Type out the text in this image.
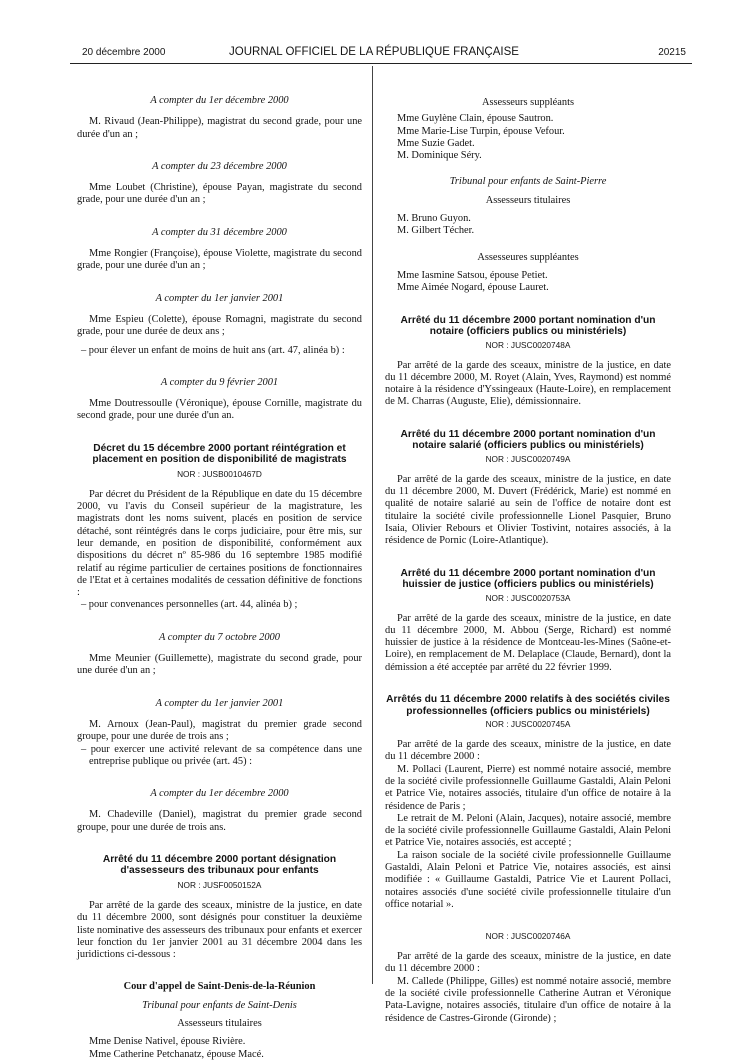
20 décembre 2000	JOURNAL OFFICIEL DE LA RÉPUBLIQUE FRANÇAISE	20215

A compter du 1er décembre 2000

M. Rivaud (Jean-Philippe), magistrat du second grade, pour une durée d'un an ;

A compter du 23 décembre 2000

Mme Loubet (Christine), épouse Payan, magistrate du second grade, pour une durée d'un an ;

A compter du 31 décembre 2000

Mme Rongier (Françoise), épouse Violette, magistrate du second grade, pour une durée d'un an ;

A compter du 1er janvier 2001

Mme Espieu (Colette), épouse Romagni, magistrate du second grade, pour une durée de deux ans ;

– pour élever un enfant de moins de huit ans (art. 47, alinéa b) :

A compter du 9 février 2001

Mme Doutressoulle (Véronique), épouse Cornille, magistrate du second grade, pour une durée d'un an.

Décret du 15 décembre 2000 portant réintégration et placement en position de disponibilité de magistrats

NOR : JUSB0010467D

Par décret du Président de la République en date du 15 décembre 2000, vu l'avis du Conseil supérieur de la magistrature, les magistrats dont les noms suivent, placés en position de service détaché, sont réintégrés dans le corps judiciaire, pour être mis, sur leur demande, en position de disponibilité, conformément aux dispositions du décret nº 85-986 du 16 septembre 1985 modifié relatif au régime particulier de certaines positions de fonctionnaires de l'Etat et à certaines modalités de cessation définitive de fonctions :

– pour convenances personnelles (art. 44, alinéa b) ;

A compter du 7 octobre 2000

Mme Meunier (Guillemette), magistrate du second grade, pour une durée d'un an ;

A compter du 1er janvier 2001

M. Arnoux (Jean-Paul), magistrat du premier grade second groupe, pour une durée de trois ans ;

– pour exercer une activité relevant de sa compétence dans une entreprise publique ou privée (art. 45) :

A compter du 1er décembre 2000

M. Chadeville (Daniel), magistrat du premier grade second groupe, pour une durée de trois ans.

Arrêté du 11 décembre 2000 portant désignation d'assesseurs des tribunaux pour enfants

NOR : JUSF0050152A

Par arrêté de la garde des sceaux, ministre de la justice, en date du 11 décembre 2000, sont désignés pour constituer la deuxième liste nominative des assesseurs des tribunaux pour enfants et exercer leur fonction du 1er janvier 2001 au 31 décembre 2004 dans les juridictions ci-dessous :

Cour d'appel de Saint-Denis-de-la-Réunion

Tribunal pour enfants de Saint-Denis

Assesseurs titulaires

Mme Denise Nativel, épouse Rivière.

Mme Catherine Petchanatz, épouse Macé.

Assesseurs suppléants

Mme Guylène Clain, épouse Sautron.

Mme Marie-Lise Turpin, épouse Vefour.

Mme Suzie Gadet.

M. Dominique Séry.

Tribunal pour enfants de Saint-Pierre

Assesseurs titulaires

M. Bruno Guyon.

M. Gilbert Técher.

Assesseures suppléantes

Mme Iasmine Satsou, épouse Petiet.

Mme Aimée Nogard, épouse Lauret.

Arrêté du 11 décembre 2000 portant nomination d'un notaire (officiers publics ou ministériels)

NOR : JUSC0020748A

Par arrêté de la garde des sceaux, ministre de la justice, en date du 11 décembre 2000, M. Royet (Alain, Yves, Raymond) est nommé notaire à la résidence d'Yssingeaux (Haute-Loire), en remplacement de M. Charras (Auguste, Elie), démissionnaire.

Arrêté du 11 décembre 2000 portant nomination d'un notaire salarié (officiers publics ou ministériels)

NOR : JUSC0020749A

Par arrêté de la garde des sceaux, ministre de la justice, en date du 11 décembre 2000, M. Duvert (Frédérick, Marie) est nommé en qualité de notaire salarié au sein de l'office de notaire dont est titulaire la société civile professionnelle Lionel Pasquier, Bruno Isaia, Olivier Rebours et Olivier Tostivint, notaires associés, à la résidence de Pornic (Loire-Atlantique).

Arrêté du 11 décembre 2000 portant nomination d'un huissier de justice (officiers publics ou ministériels)

NOR : JUSC0020753A

Par arrêté de la garde des sceaux, ministre de la justice, en date du 11 décembre 2000, M. Abbou (Serge, Richard) est nommé huissier de justice à la résidence de Montceau-les-Mines (Saône-et-Loire), en remplacement de M. Delaplace (Claude, Bernard), dont la démission a été acceptée par arrêté du 22 février 1999.

Arrêtés du 11 décembre 2000 relatifs à des sociétés civiles professionnelles (officiers publics ou ministériels)

NOR : JUSC0020745A

Par arrêté de la garde des sceaux, ministre de la justice, en date du 11 décembre 2000 :

M. Pollaci (Laurent, Pierre) est nommé notaire associé, membre de la société civile professionnelle Guillaume Gastaldi, Alain Peloni et Patrice Vie, notaires associés, titulaire d'un office de notaire à la résidence de Paris ;

Le retrait de M. Peloni (Alain, Jacques), notaire associé, membre de la société civile professionnelle Guillaume Gastaldi, Alain Peloni et Patrice Vie, notaires associés, est accepté ;

La raison sociale de la société civile professionnelle Guillaume Gastaldi, Alain Peloni et Patrice Vie, notaires associés, est ainsi modifiée : « Guillaume Gastaldi, Patrice Vie et Laurent Pollaci, notaires associés d'une société civile professionnelle titulaire d'un office notarial ».

NOR : JUSC0020746A

Par arrêté de la garde des sceaux, ministre de la justice, en date du 11 décembre 2000 :

M. Callede (Philippe, Gilles) est nommé notaire associé, membre de la société civile professionnelle Catherine Autran et Véronique Pata-Lavigne, notaires associés, titulaire d'un office de notaire à la résidence de Castres-Gironde (Gironde) ;
